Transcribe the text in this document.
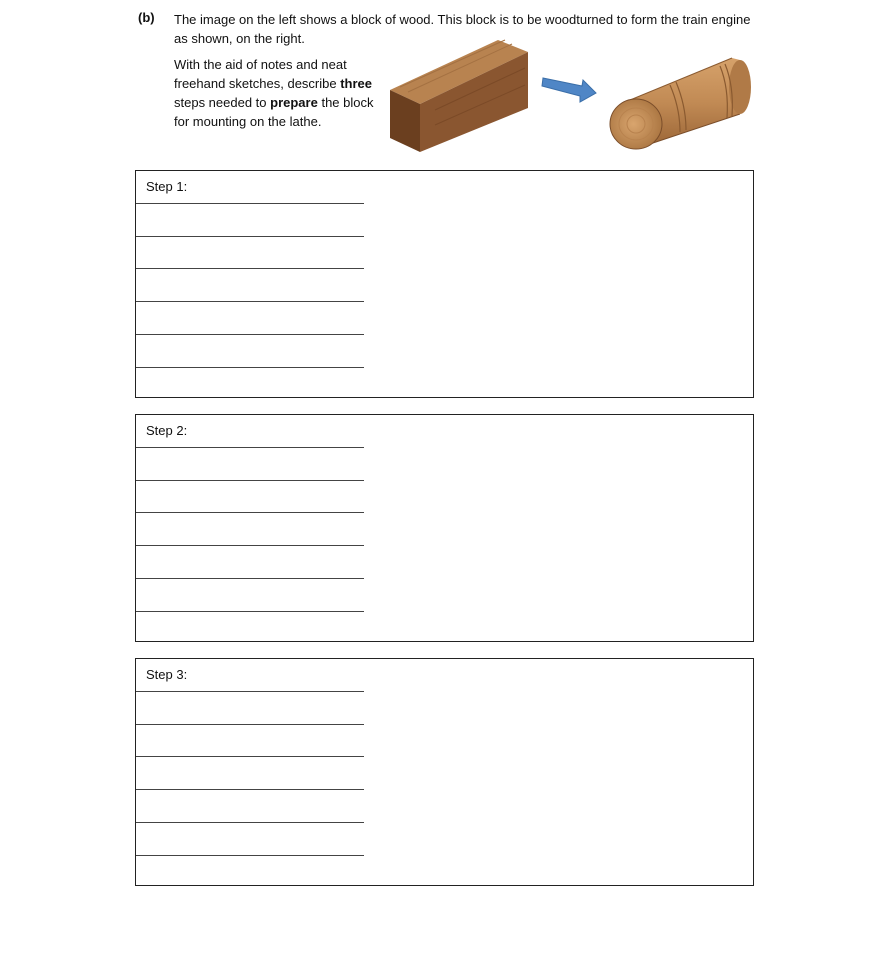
(b) The image on the left shows a block of wood. This block is to be woodturned to form the train engine as shown, on the right.
With the aid of notes and neat freehand sketches, describe three steps needed to prepare the block for mounting on the lathe.
Step 1:
Step 2:
Step 3:
